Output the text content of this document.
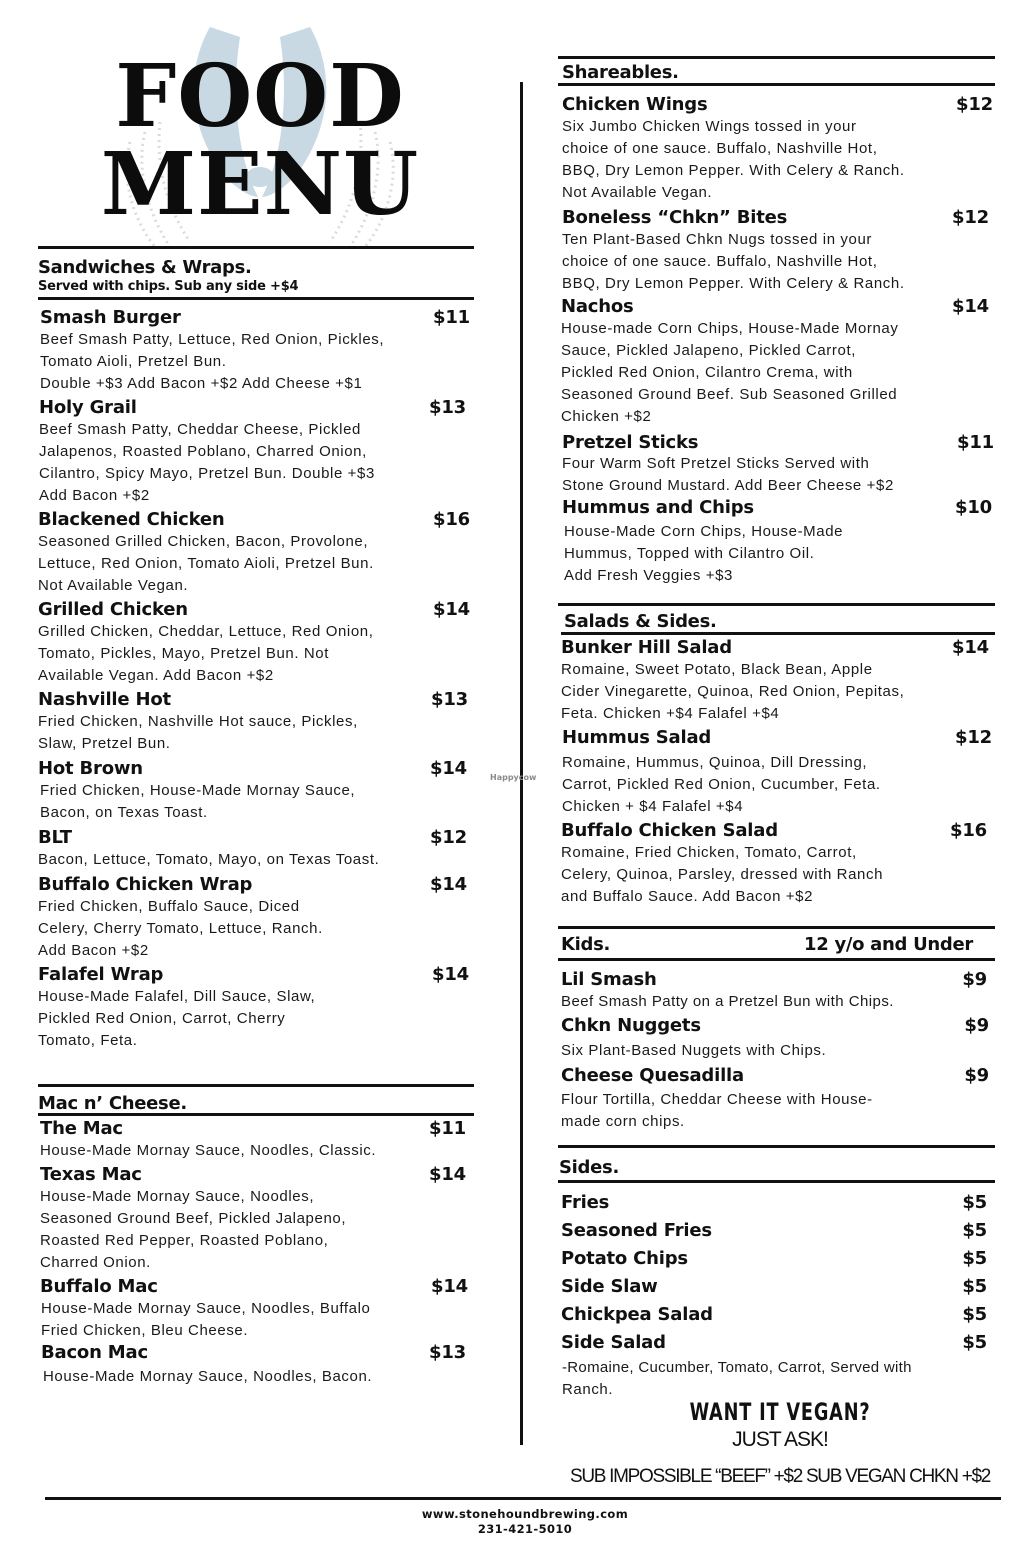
FOOD
MENU
Sandwiches & Wraps.
Served with chips. Sub any side +$4
Smash Burger	$11
Beef Smash Patty, Lettuce, Red Onion, Pickles,
Tomato Aioli, Pretzel Bun.
Double +$3 Add Bacon +$2 Add Cheese +$1
Holy Grail	$13
Beef Smash Patty, Cheddar Cheese, Pickled
Jalapenos, Roasted Poblano, Charred Onion,
Cilantro, Spicy Mayo, Pretzel Bun. Double +$3
Add Bacon +$2
Blackened Chicken	$16
Seasoned Grilled Chicken, Bacon, Provolone,
Lettuce, Red Onion, Tomato Aioli, Pretzel Bun.
Not Available Vegan.
Grilled Chicken	$14
Grilled Chicken, Cheddar, Lettuce, Red Onion,
Tomato, Pickles, Mayo, Pretzel Bun. Not
Available Vegan. Add Bacon +$2
Nashville Hot	$13
Fried Chicken, Nashville Hot sauce, Pickles,
Slaw, Pretzel Bun.
Hot Brown	$14
Fried Chicken, House-Made Mornay Sauce,
Bacon, on Texas Toast.
BLT	$12
Bacon, Lettuce, Tomato, Mayo, on Texas Toast.
Buffalo Chicken Wrap	$14
Fried Chicken, Buffalo Sauce, Diced
Celery, Cherry Tomato, Lettuce, Ranch.
Add Bacon +$2
Falafel Wrap	$14
House-Made Falafel, Dill Sauce, Slaw,
Pickled Red Onion, Carrot, Cherry
Tomato, Feta.
Mac n’ Cheese.
The Mac	$11
House-Made Mornay Sauce, Noodles, Classic.
Texas Mac	$14
House-Made Mornay Sauce, Noodles,
Seasoned Ground Beef, Pickled Jalapeno,
Roasted Red Pepper, Roasted Poblano,
Charred Onion.
Buffalo Mac	$14
House-Made Mornay Sauce, Noodles, Buffalo
Fried Chicken, Bleu Cheese.
Bacon Mac	$13
House-Made Mornay Sauce, Noodles, Bacon.
Happycow
Shareables.
Chicken Wings	$12
Six Jumbo Chicken Wings tossed in your
choice of one sauce. Buffalo, Nashville Hot,
BBQ, Dry Lemon Pepper. With Celery & Ranch.
Not Available Vegan.
Boneless “Chkn” Bites	$12
Ten Plant-Based Chkn Nugs tossed in your
choice of one sauce. Buffalo, Nashville Hot,
BBQ, Dry Lemon Pepper. With Celery & Ranch.
Nachos	$14
House-made Corn Chips, House-Made Mornay
Sauce, Pickled Jalapeno, Pickled Carrot,
Pickled Red Onion, Cilantro Crema, with
Seasoned Ground Beef. Sub Seasoned Grilled
Chicken +$2
Pretzel Sticks	$11
Four Warm Soft Pretzel Sticks Served with
Stone Ground Mustard. Add Beer Cheese +$2
Hummus and Chips	$10
House-Made Corn Chips, House-Made
Hummus, Topped with Cilantro Oil.
Add Fresh Veggies +$3
Salads & Sides.
Bunker Hill Salad	$14
Romaine, Sweet Potato, Black Bean, Apple
Cider Vinegarette, Quinoa, Red Onion, Pepitas,
Feta. Chicken +$4 Falafel +$4
Hummus Salad	$12
Romaine, Hummus, Quinoa, Dill Dressing,
Carrot, Pickled Red Onion, Cucumber, Feta.
Chicken + $4 Falafel +$4
Buffalo Chicken Salad	$16
Romaine, Fried Chicken, Tomato, Carrot,
Celery, Quinoa, Parsley, dressed with Ranch
and Buffalo Sauce. Add Bacon +$2
Kids.	12 y/o and Under
Lil Smash	$9
Beef Smash Patty on a Pretzel Bun with Chips.
Chkn Nuggets	$9
Six Plant-Based Nuggets with Chips.
Cheese Quesadilla	$9
Flour Tortilla, Cheddar Cheese with House-
made corn chips.
Sides.
Fries	$5
Seasoned Fries	$5
Potato Chips	$5
Side Slaw	$5
Chickpea Salad	$5
Side Salad	$5
-Romaine, Cucumber, Tomato, Carrot, Served with
Ranch.
WANT IT VEGAN?
JUST ASK!
SUB IMPOSSIBLE “BEEF” +$2 SUB VEGAN CHKN +$2
www.stonehoundbrewing.com
231-421-5010
